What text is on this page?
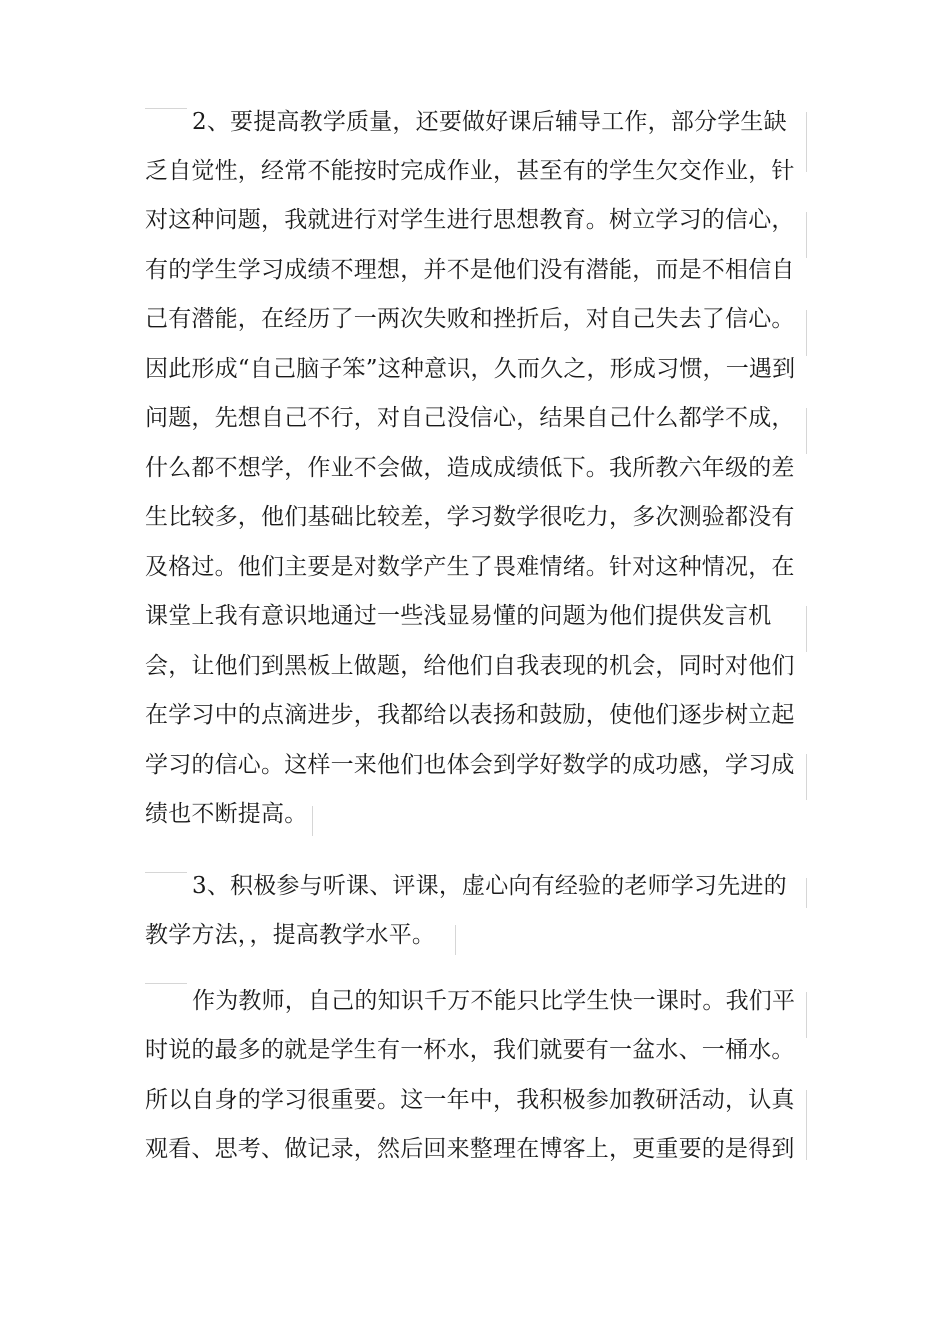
2、要提高教学质量，还要做好课后辅导工作，部分学生缺

乏自觉性，经常不能按时完成作业，甚至有的学生欠交作业，针

对这种问题，我就进行对学生进行思想教育。树立学习的信心，

有的学生学习成绩不理想，并不是他们没有潜能，而是不相信自

己有潜能，在经历了一两次失败和挫折后，对自己失去了信心。

因此形成“自己脑子笨”这种意识，久而久之，形成习惯，一遇到

问题，先想自己不行，对自己没信心，结果自己什么都学不成，

什么都不想学，作业不会做，造成成绩低下。我所教六年级的差

生比较多，他们基础比较差，学习数学很吃力，多次测验都没有

及格过。他们主要是对数学产生了畏难情绪。针对这种情况，在

课堂上我有意识地通过一些浅显易懂的问题为他们提供发言机

会，让他们到黑板上做题，给他们自我表现的机会，同时对他们

在学习中的点滴进步，我都给以表扬和鼓励，使他们逐步树立起

学习的信心。这样一来他们也体会到学好数学的成功感，学习成

绩也不断提高。

3、积极参与听课、评课，虚心向有经验的老师学习先进的

教学方法，，提高教学水平。

作为教师，自己的知识千万不能只比学生快一课时。我们平

时说的最多的就是学生有一杯水，我们就要有一盆水、一桶水。

所以自身的学习很重要。这一年中，我积极参加教研活动，认真

观看、思考、做记录，然后回来整理在博客上，更重要的是得到
